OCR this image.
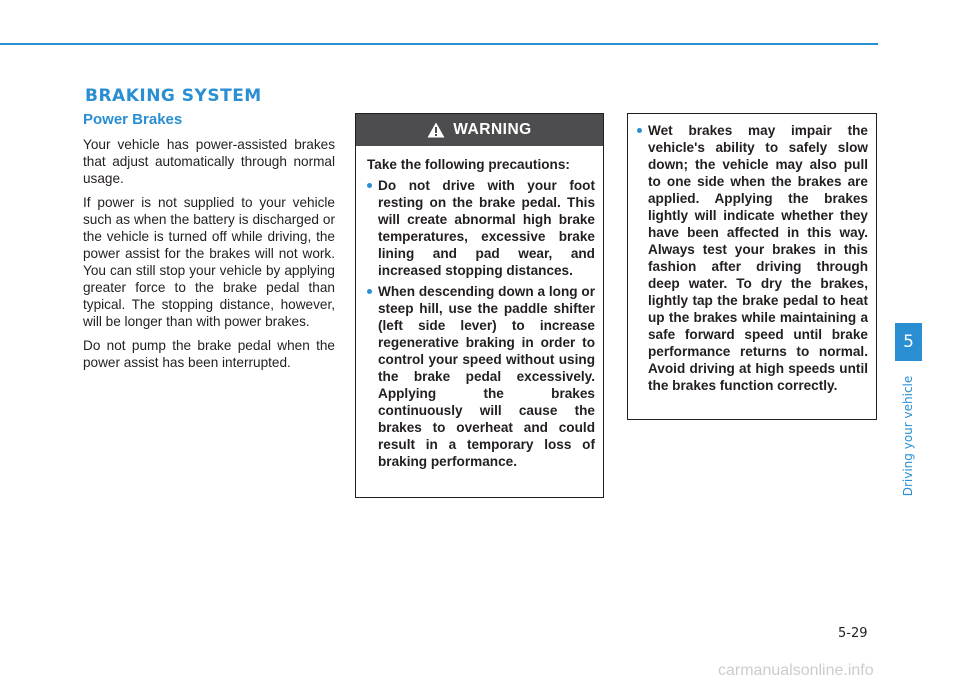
BRAKING SYSTEM
Power Brakes

Your vehicle has power-assisted brakes that adjust automatically through normal usage.

If power is not supplied to your vehicle such as when the battery is discharged or the vehicle is turned off while driving, the power assist for the brakes will not work. You can still stop your vehicle by applying greater force to the brake pedal than typical. The stopping distance, however, will be longer than with power brakes.

Do not pump the brake pedal when the power assist has been interrupted.

WARNING

Take the following precautions:

Do not drive with your foot resting on the brake pedal. This will create abnormal high brake temperatures, excessive brake lining and pad wear, and increased stopping distances.

When descending down a long or steep hill, use the paddle shifter (left side lever) to increase regenerative braking in order to control your speed without using the brake pedal excessively. Applying the brakes continuously will cause the brakes to overheat and could result in a temporary loss of braking performance.

Wet brakes may impair the vehicle's ability to safely slow down; the vehicle may also pull to one side when the brakes are applied. Applying the brakes lightly will indicate whether they have been affected in this way. Always test your brakes in this fashion after driving through deep water. To dry the brakes, lightly tap the brake pedal to heat up the brakes while maintaining a safe forward speed until brake performance returns to normal. Avoid driving at high speeds until the brakes function correctly.

5
Driving your vehicle
5-29
carmanualsonline.info
